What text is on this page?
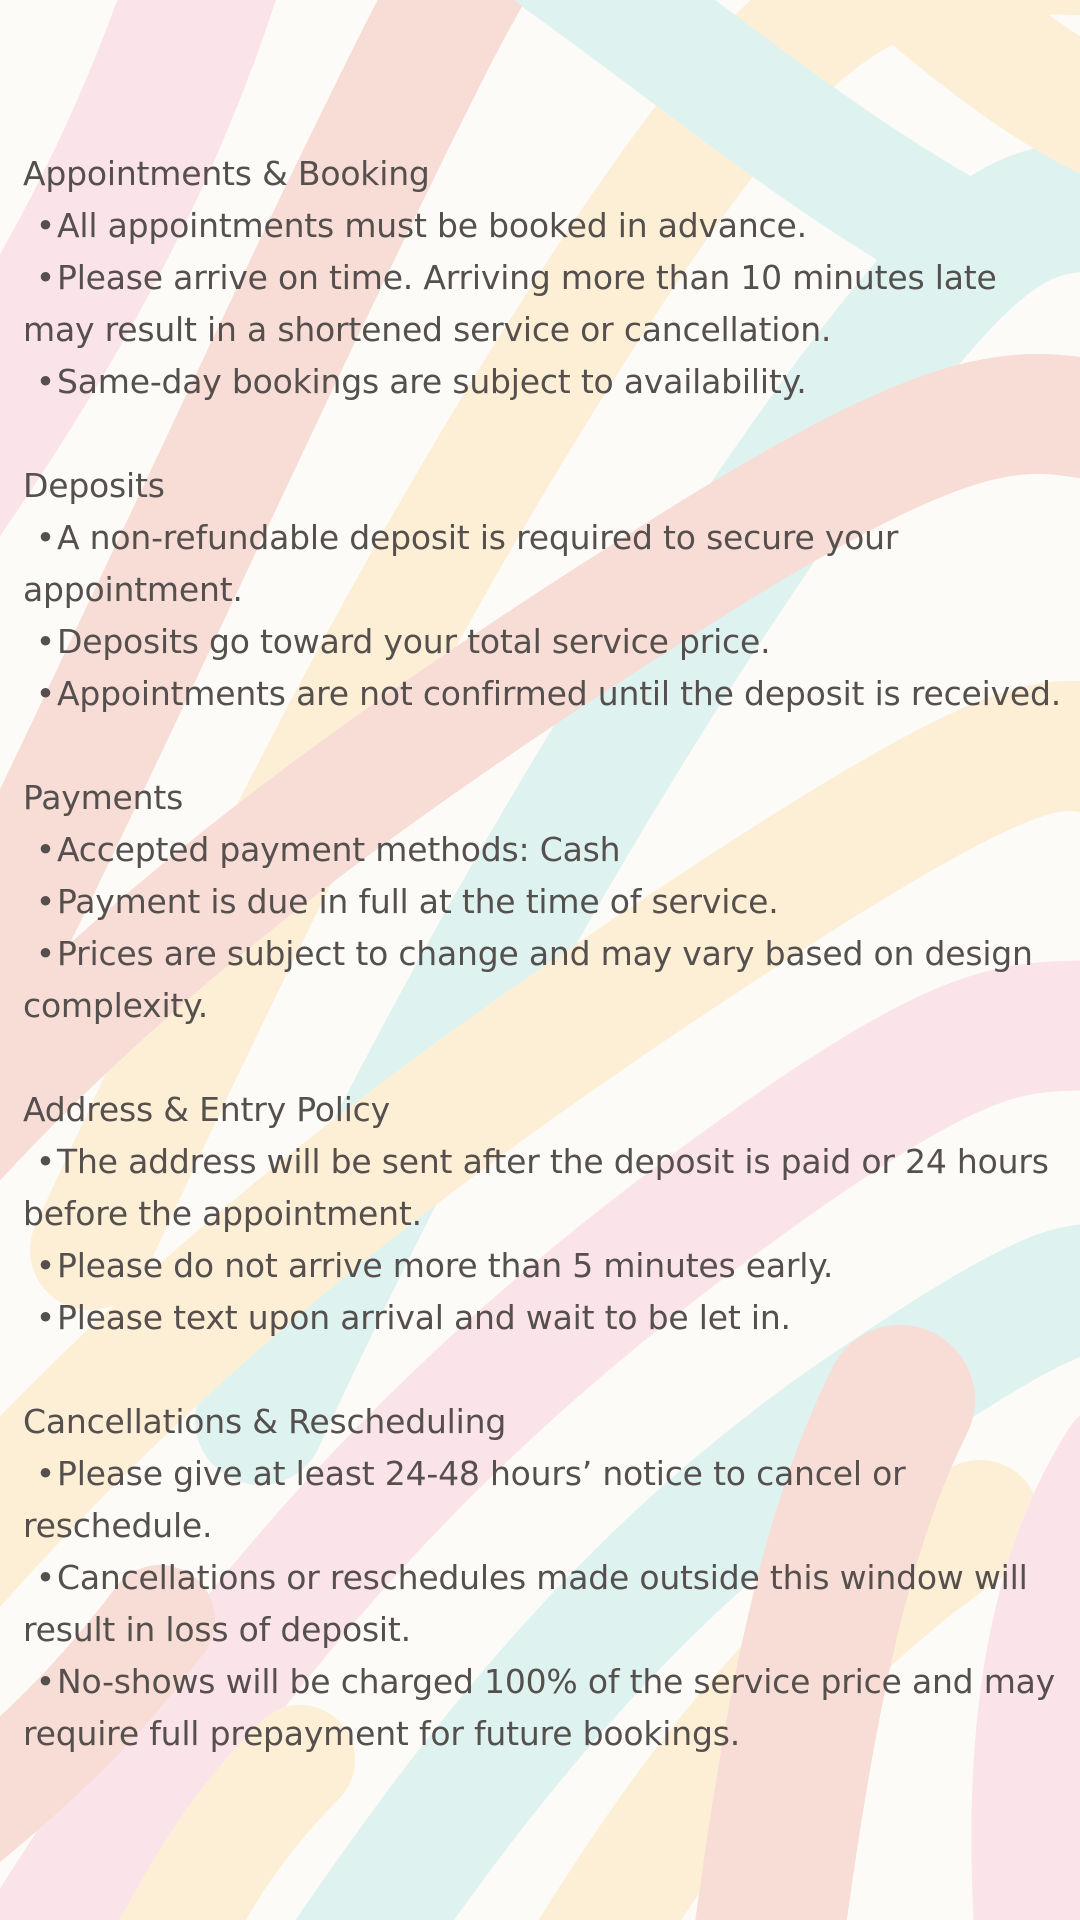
Appointments & Booking
•All appointments must be booked in advance.
•Please arrive on time. Arriving more than 10 minutes late may result in a shortened service or cancellation.
•Same-day bookings are subject to availability.
Deposits
•A non-refundable deposit is required to secure your appointment.
•Deposits go toward your total service price.
•Appointments are not confirmed until the deposit is received.
Payments
•Accepted payment methods: Cash
•Payment is due in full at the time of service.
•Prices are subject to change and may vary based on design complexity.
Address & Entry Policy
•The address will be sent after the deposit is paid or 24 hours before the appointment.
•Please do not arrive more than 5 minutes early.
•Please text upon arrival and wait to be let in.
Cancellations & Rescheduling
•Please give at least 24-48 hours’ notice to cancel or reschedule.
•Cancellations or reschedules made outside this window will result in loss of deposit.
•No-shows will be charged 100% of the service price and may require full prepayment for future bookings.
